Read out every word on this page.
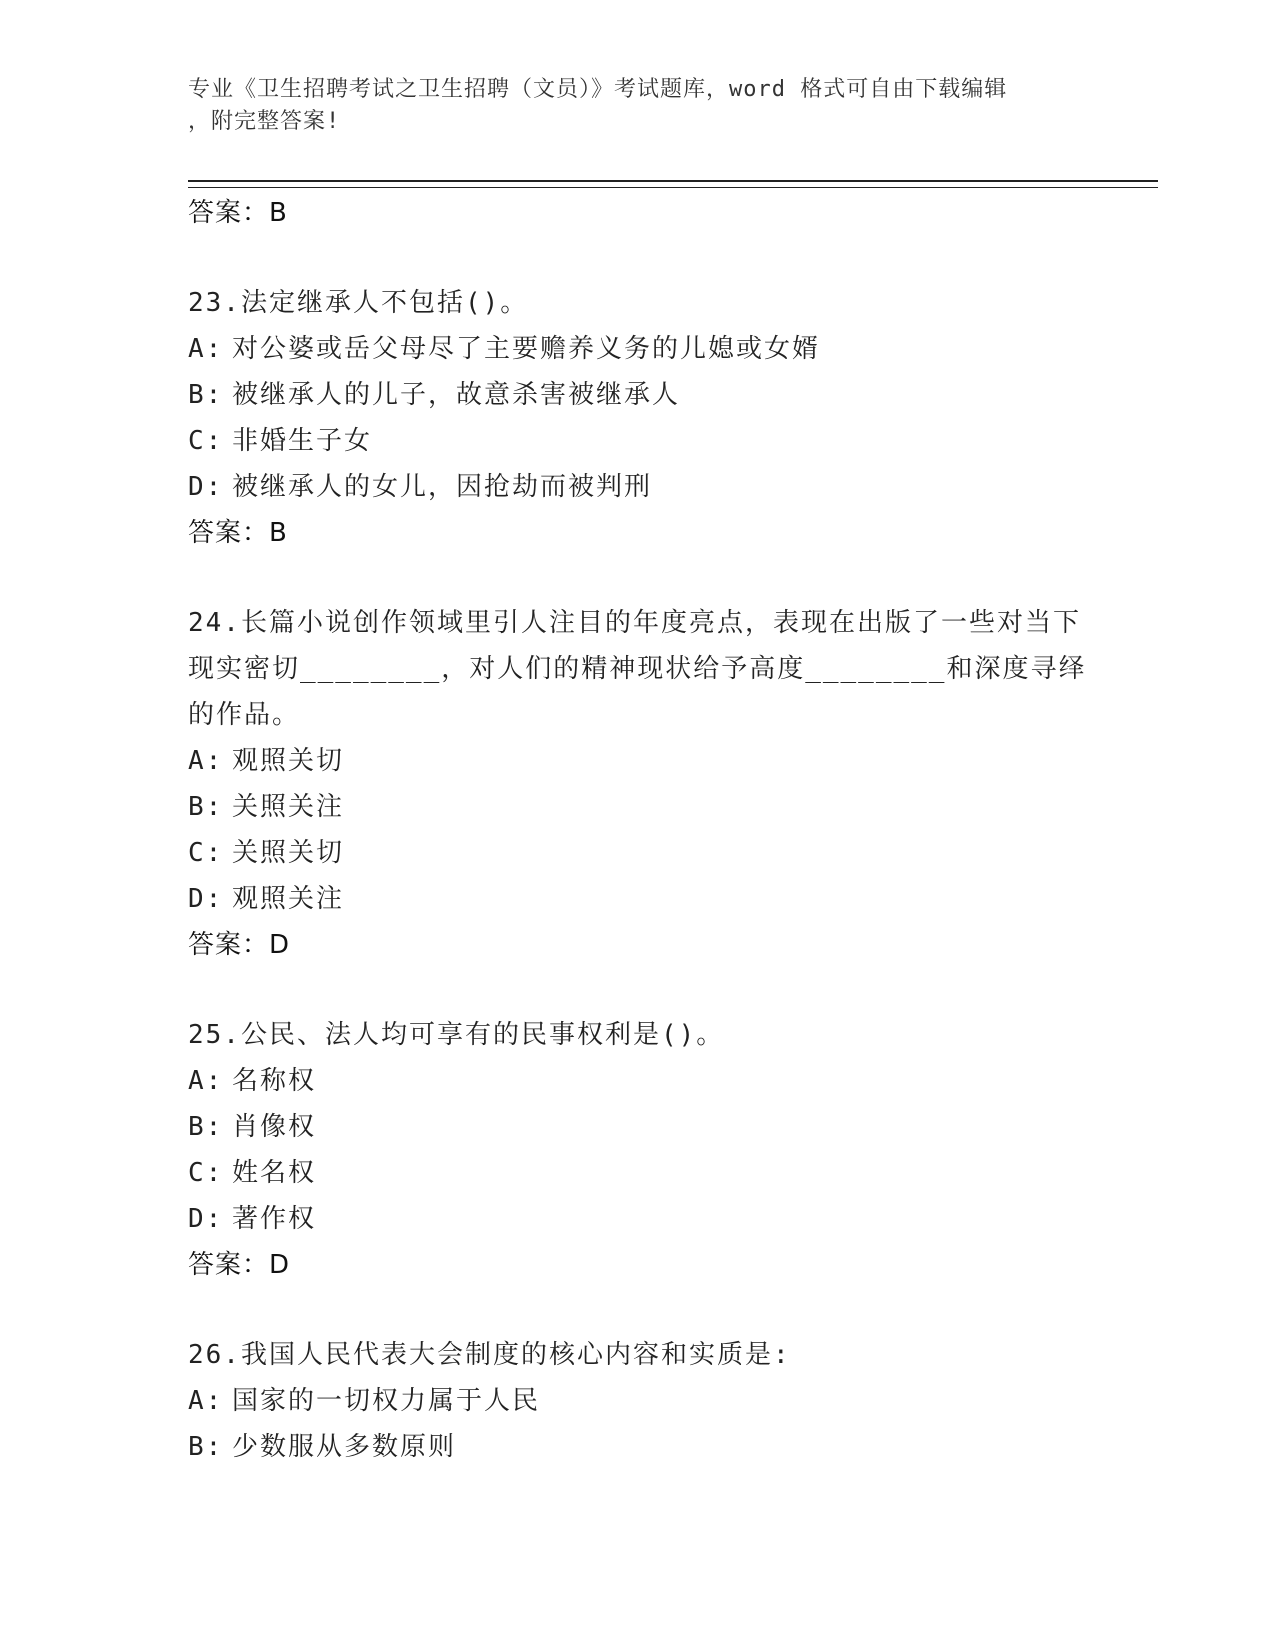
专业《卫生招聘考试之卫生招聘（文员）》考试题库，word 格式可自由下载编辑
，附完整答案!
答案：B
23.法定继承人不包括()。
A: 对公婆或岳父母尽了主要赡养义务的儿媳或女婿
B: 被继承人的儿子，故意杀害被继承人
C: 非婚生子女
D: 被继承人的女儿，因抢劫而被判刑
答案：B
24.长篇小说创作领域里引人注目的年度亮点，表现在出版了一些对当下现实密切________，对人们的精神现状给予高度________和深度寻绎的作品。
A: 观照关切
B: 关照关注
C: 关照关切
D: 观照关注
答案：D
25.公民、法人均可享有的民事权利是()。
A: 名称权
B: 肖像权
C: 姓名权
D: 著作权
答案：D
26.我国人民代表大会制度的核心内容和实质是:
A: 国家的一切权力属于人民
B: 少数服从多数原则
